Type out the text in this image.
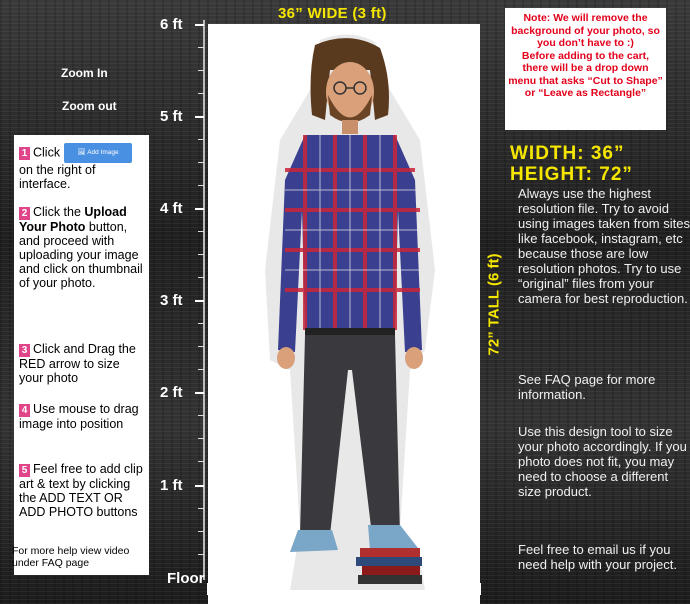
6 ft
5 ft
4 ft
3 ft
2 ft
1 ft
Floor
Zoom In
Zoom out
36” WIDE (3 ft)
72” TALL (6 ft)
Note: We will remove the background of your photo, so you don’t have to :)
Before adding to the cart, there will be a drop down menu that asks “Cut to Shape” or “Leave as Rectangle”
WIDTH: 36”
HEIGHT: 72”
Always use the highest resolution file. Try to avoid using images taken from sites like facebook, instagram, etc because those are low resolution photos. Try to use “original” files from your camera for best reproduction.
See FAQ page for more information.
Use this design tool to size your photo accordingly. If you photo does not fit, you may need to choose a different size product.
Feel free to email us if you need help with your project.
1 Click	🖼 Add Image
on the right of interface.
2 Click the Upload Your Photo button, and proceed with uploading your image and click on thumbnail of your photo.
3 Click and Drag the RED arrow to size your photo
4 Use mouse to drag image into position
5 Feel free to add clip art & text by clicking the ADD TEXT OR ADD PHOTO buttons
For more help view video under FAQ page
